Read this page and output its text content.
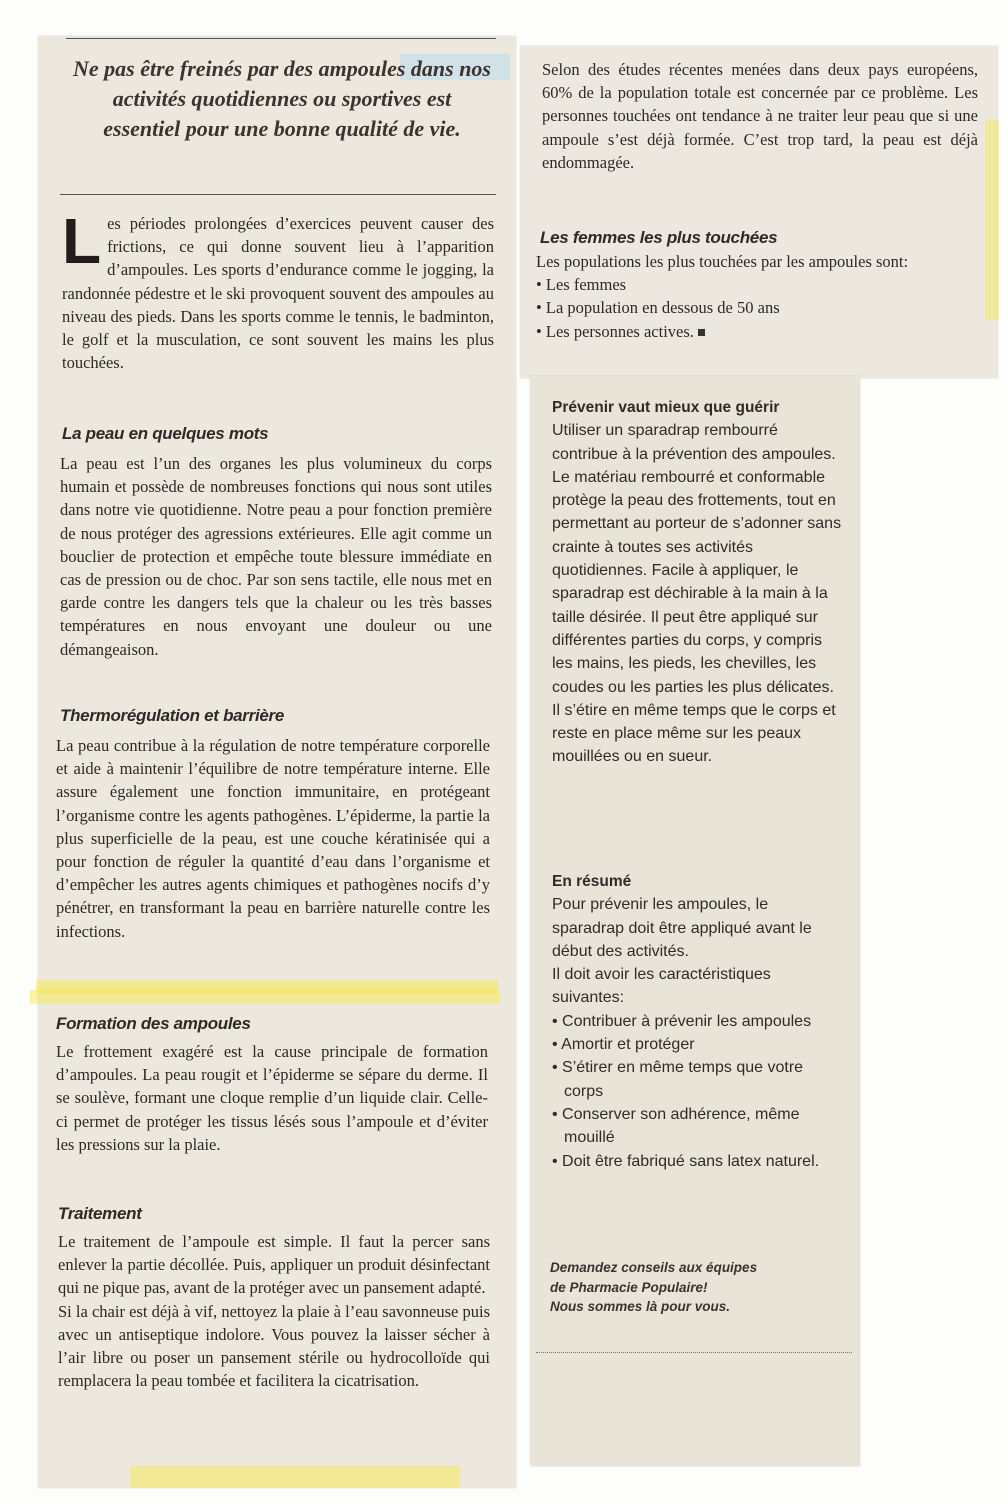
Ne pas être freinés par des ampoules dans nos activités quotidiennes ou sportives est essentiel pour une bonne qualité de vie.
Les périodes prolongées d’exercices peuvent causer des frictions, ce qui donne souvent lieu à l’apparition d’ampoules. Les sports d’endurance comme le jogging, la randonnée pédestre et le ski provoquent souvent des ampoules au niveau des pieds. Dans les sports comme le tennis, le badminton, le golf et la musculation, ce sont souvent les mains les plus touchées.
La peau en quelques mots
La peau est l’un des organes les plus volumineux du corps humain et possède de nombreuses fonctions qui nous sont utiles dans notre vie quotidienne. Notre peau a pour fonction première de nous protéger des agressions extérieures. Elle agit comme un bouclier de protection et empêche toute blessure immédiate en cas de pression ou de choc. Par son sens tactile, elle nous met en garde contre les dangers tels que la chaleur ou les très basses températures en nous envoyant une douleur ou une démangeaison.
Thermorégulation et barrière
La peau contribue à la régulation de notre température corporelle et aide à maintenir l’équilibre de notre température interne. Elle assure également une fonction immunitaire, en protégeant l’organisme contre les agents pathogènes. L’épiderme, la partie la plus superficielle de la peau, est une couche kératinisée qui a pour fonction de réguler la quantité d’eau dans l’organisme et d’empêcher les autres agents chimiques et pathogènes nocifs d’y pénétrer, en transformant la peau en barrière naturelle contre les infections.
Formation des ampoules
Le frottement exagéré est la cause principale de formation d’ampoules. La peau rougit et l’épiderme se sépare du derme. Il se soulève, formant une cloque remplie d’un liquide clair. Celle-ci permet de protéger les tissus lésés sous l’ampoule et d’éviter les pressions sur la plaie.
Traitement
Le traitement de l’ampoule est simple. Il faut la percer sans enlever la partie décollée. Puis, appliquer un produit désinfectant qui ne pique pas, avant de la protéger avec un pansement adapté.
Si la chair est déjà à vif, nettoyez la plaie à l’eau savonneuse puis avec un antiseptique indolore. Vous pouvez la laisser sécher à l’air libre ou poser un pansement stérile ou hydrocolloïde qui remplacera la peau tombée et facilitera la cicatrisation.
Selon des études récentes menées dans deux pays européens, 60% de la population totale est concernée par ce problème. Les personnes touchées ont tendance à ne traiter leur peau que si une ampoule s’est déjà formée. C’est trop tard, la peau est déjà endommagée.
Les femmes les plus touchées
Les populations les plus touchées par les ampoules sont:
• Les femmes
• La population en dessous de 50 ans
• Les personnes actives.
Prévenir vaut mieux que guérir
Utiliser un sparadrap rembourré contribue à la prévention des ampoules. Le matériau rembourré et conformable protège la peau des frottements, tout en permettant au porteur de s’adonner sans crainte à toutes ses activités quotidiennes. Facile à appliquer, le sparadrap est déchirable à la main à la taille désirée. Il peut être appliqué sur différentes parties du corps, y compris les mains, les pieds, les chevilles, les coudes ou les parties les plus délicates. Il s’étire en même temps que le corps et reste en place même sur les peaux mouillées ou en sueur.
En résumé
Pour prévenir les ampoules, le sparadrap doit être appliqué avant le début des activités.
Il doit avoir les caractéristiques suivantes:
• Contribuer à prévenir les ampoules
• Amortir et protéger
• S’étirer en même temps que votre corps
• Conserver son adhérence, même mouillé
• Doit être fabriqué sans latex naturel.
Demandez conseils aux équipes
de Pharmacie Populaire!
Nous sommes là pour vous.
